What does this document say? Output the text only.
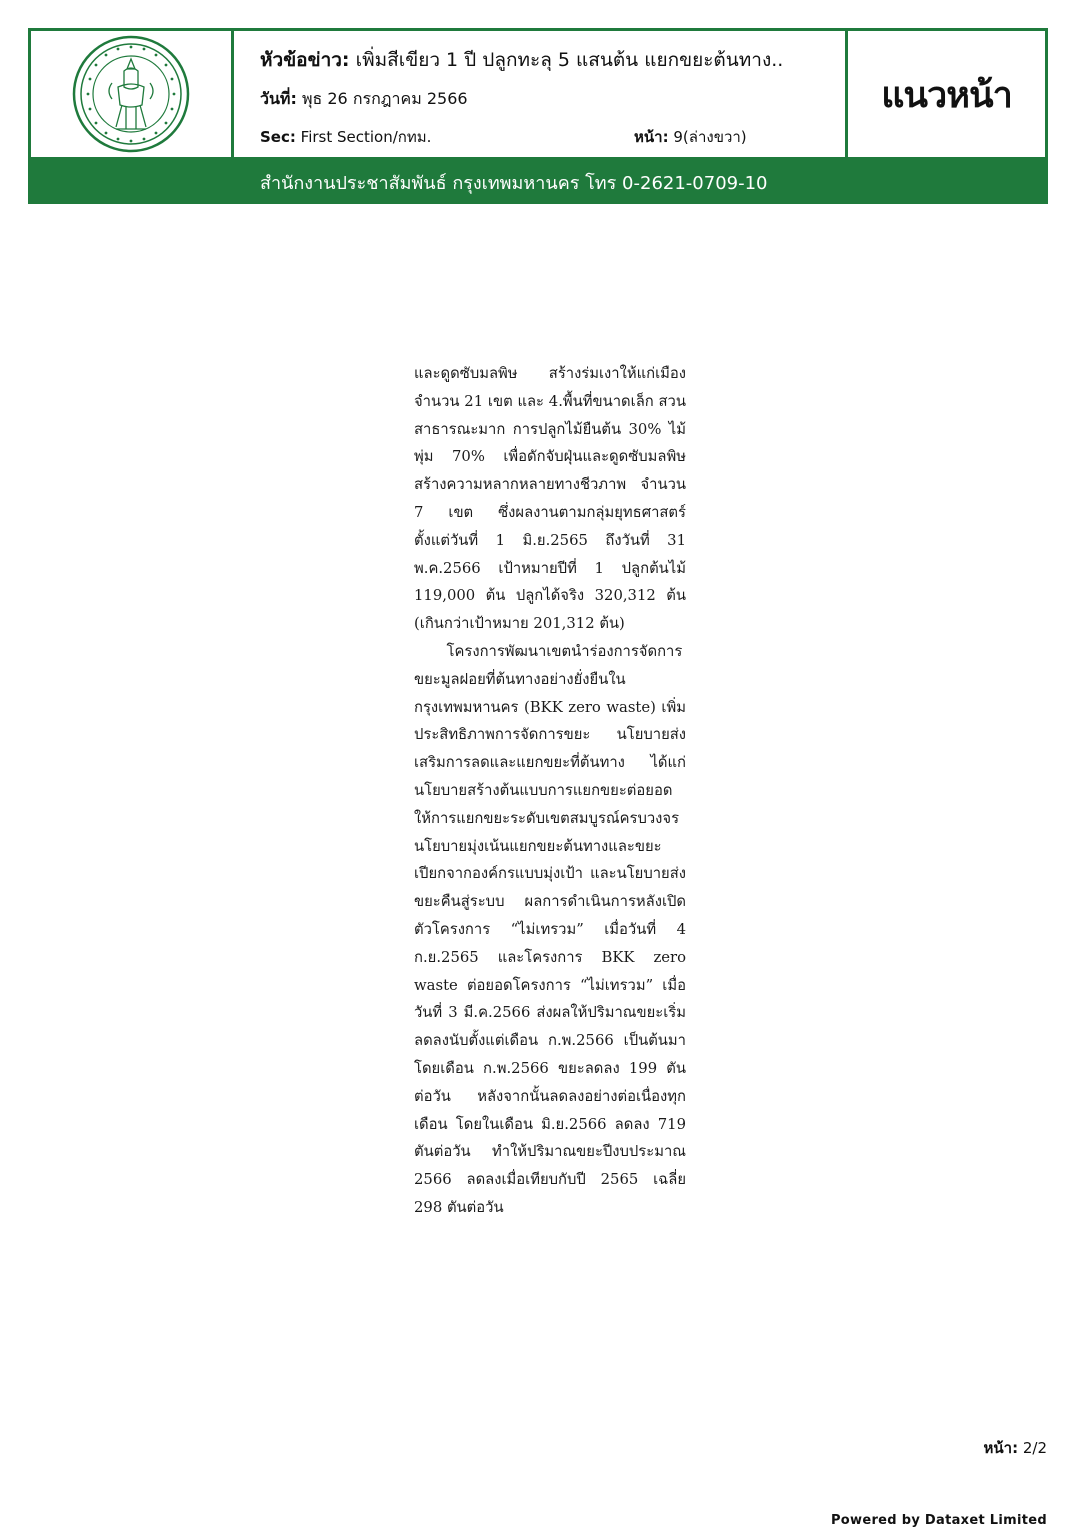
หัวข้อข่าว: เพิ่มสีเขียว 1 ปี ปลูกทะลุ 5 แสนต้น แยกขยะต้นทาง..
วันที่: พุธ 26 กรกฎาคม 2566
Sec: First Section/กทม.	หน้า: 9(ล่างขวา)
แนวหน้า
สำนักงานประชาสัมพันธ์ กรุงเทพมหานคร โทร 0-2621-0709-10

และดูดซับมลพิษ สร้างร่มเงาให้แก่เมือง จำนวน 21 เขต และ 4.พื้นที่ขนาดเล็ก สวนสาธารณะมาก การปลูกไม้ยืนต้น 30% ไม้พุ่ม 70% เพื่อดักจับฝุ่นและดูดซับมลพิษ สร้างความหลากหลายทางชีวภาพ จำนวน 7 เขต ซึ่งผลงานตามกลุ่มยุทธศาสตร์ ตั้งแต่วันที่ 1 มิ.ย.2565 ถึงวันที่ 31 พ.ค.2566 เป้าหมายปีที่ 1 ปลูกต้นไม้ 119,000 ต้น ปลูกได้จริง 320,312 ต้น (เกินกว่าเป้าหมาย 201,312 ต้น)

โครงการพัฒนาเขตนำร่องการจัดการขยะมูลฝอยที่ต้นทางอย่างยั่งยืนในกรุงเทพมหานคร (BKK zero waste) เพิ่มประสิทธิภาพการจัดการขยะ นโยบายส่งเสริมการลดและแยกขยะที่ต้นทาง ได้แก่ นโยบายสร้างต้นแบบการแยกขยะต่อยอดให้การแยกขยะระดับเขตสมบูรณ์ครบวงจร นโยบายมุ่งเน้นแยกขยะต้นทางและขยะเปียกจากองค์กรแบบมุ่งเป้า และนโยบายส่งขยะคืนสู่ระบบ ผลการดำเนินการหลังเปิดตัวโครงการ “ไม่เทรวม” เมื่อวันที่ 4 ก.ย.2565 และโครงการ BKK zero waste ต่อยอดโครงการ “ไม่เทรวม” เมื่อวันที่ 3 มี.ค.2566 ส่งผลให้ปริมาณขยะเริ่มลดลงนับตั้งแต่เดือน ก.พ.2566 เป็นต้นมา โดยเดือน ก.พ.2566 ขยะลดลง 199 ตันต่อวัน หลังจากนั้นลดลงอย่างต่อเนื่องทุกเดือน โดยในเดือน มิ.ย.2566 ลดลง 719 ตันต่อวัน ทำให้ปริมาณขยะปีงบประมาณ 2566 ลดลงเมื่อเทียบกับปี 2565 เฉลี่ย 298 ตันต่อวัน

หน้า: 2/2
Powered by Dataxet Limited
